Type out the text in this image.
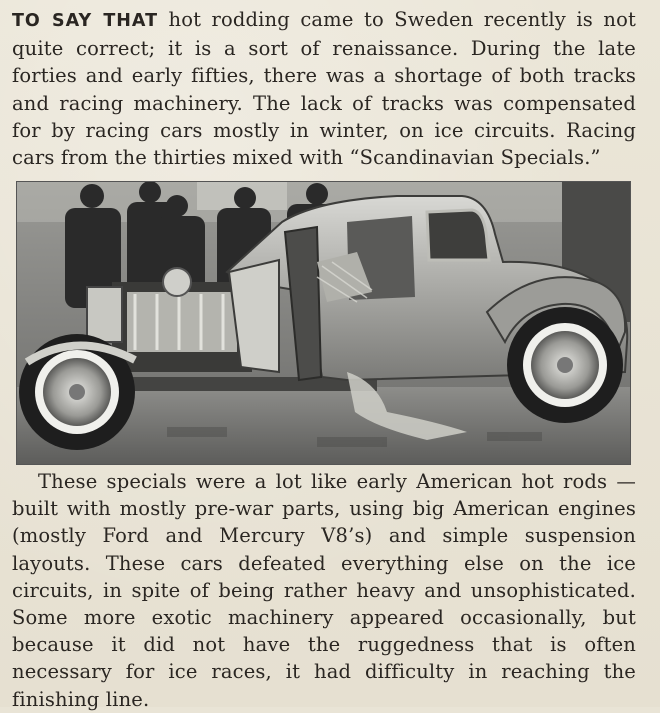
TO SAY THAT hot rodding came to Sweden recently is not quite correct; it is a sort of renaissance. During the late forties and early fifties, there was a shortage of both tracks and racing machinery. The lack of tracks was compensated for by racing cars mostly in winter, on ice circuits. Racing cars from the thirties mixed with “Scandinavian Specials.”

These specials were a lot like early American hot rods — built with mostly pre-war parts, using big American engines (mostly Ford and Mercury V8’s) and simple suspension layouts. These cars defeated everything else on the ice circuits, in spite of being rather heavy and unsophisticated. Some more exotic machinery appeared occasionally, but because it did not have the ruggedness that is often necessary for ice races, it had difficulty in reaching the finishing line.
